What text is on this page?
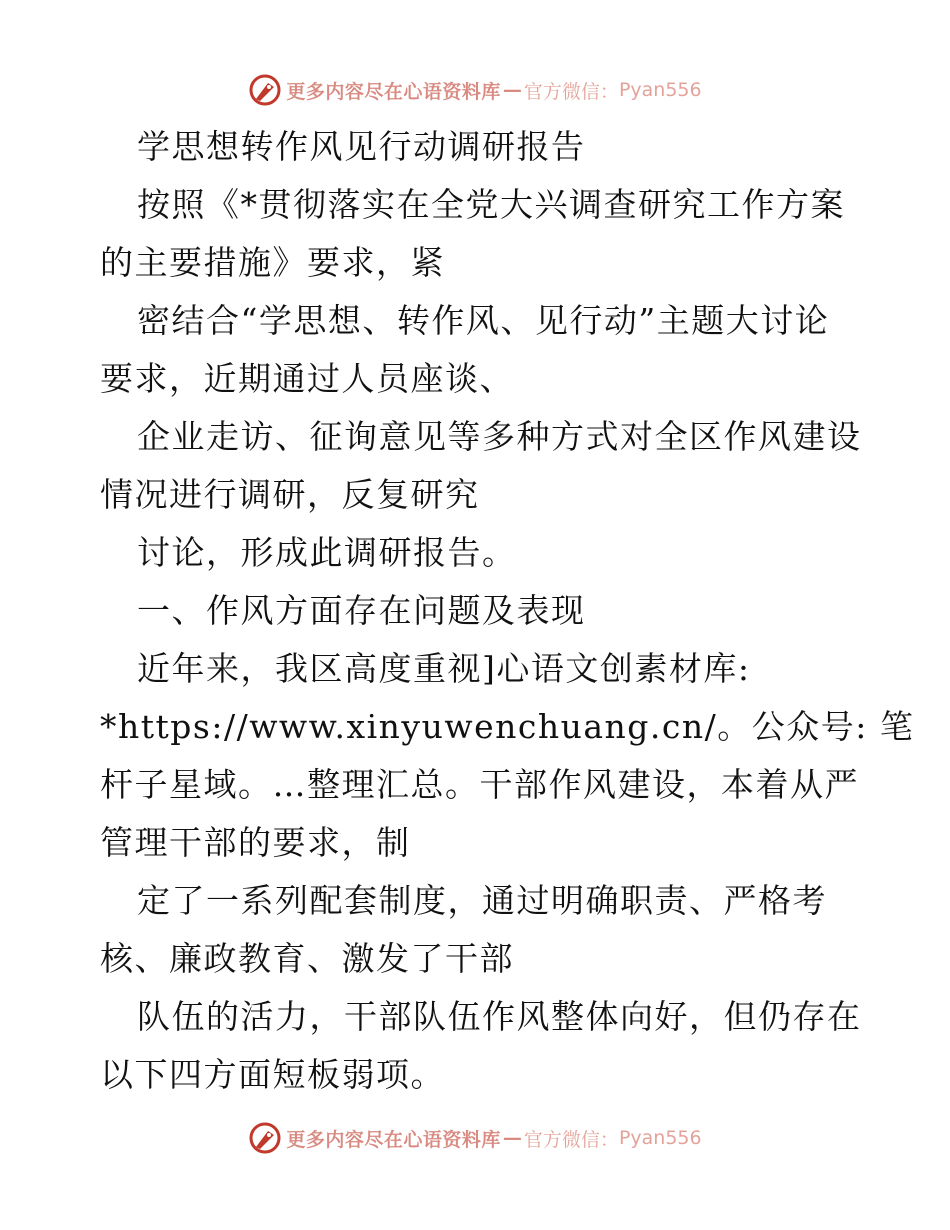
更多内容尽在心语资料库 — 官方微信： Pyan556

学思想转作风见行动调研报告

按照《*贯彻落实在全党大兴调查研究工作方案

的主要措施》要求，紧

密结合“学思想、转作风、见行动”主题大讨论

要求，近期通过人员座谈、

企业走访、征询意见等多种方式对全区作风建设

情况进行调研，反复研究

讨论，形成此调研报告。

一、作风方面存在问题及表现

近年来，我区高度重视]心语文创素材库:

*https://www.xinyuwenchuang.cn/。公众号: 笔

杆子星域。…整理汇总。干部作风建设，本着从严

管理干部的要求，制

定了一系列配套制度，通过明确职责、严格考

核、廉政教育、激发了干部

队伍的活力，干部队伍作风整体向好，但仍存在

以下四方面短板弱项。

更多内容尽在心语资料库 — 官方微信： Pyan556
